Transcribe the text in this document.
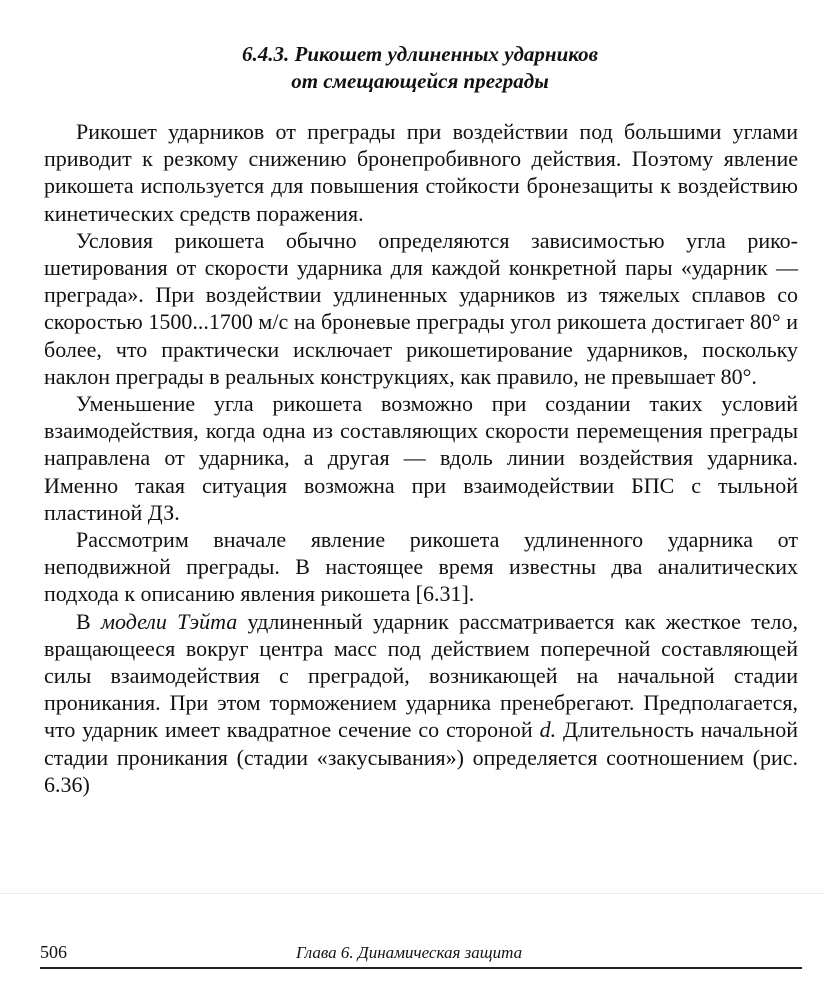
6.4.3. Рикошет удлиненных ударников
от смещающейся преграды

Рикошет ударников от преграды при воздействии под большими углами приводит к резкому снижению бронепробивного действия. Поэтому явление рикошета используется для повышения стойкости бронезащиты к воздействию кинетических средств поражения.

Условия рикошета обычно определяются зависимостью угла рикошетирования от скорости ударника для каждой конкретной пары «ударник — преграда». При воздействии удлиненных ударников из тяжелых сплавов со скоростью 1500...1700 м/с на броневые преграды угол рикошета достигает 80° и более, что практически исключает рикошетирование ударников, поскольку наклон преграды в реальных конструкциях, как правило, не превышает 80°.

Уменьшение угла рикошета возможно при создании таких условий взаимодействия, когда одна из составляющих скорости перемещения преграды направлена от ударника, а другая — вдоль линии воздействия ударника. Именно такая ситуация возможна при взаимодействии БПС с тыльной пластиной ДЗ.

Рассмотрим вначале явление рикошета удлиненного ударника от неподвижной преграды. В настоящее время известны два аналитических подхода к описанию явления рикошета [6.31].

В модели Тэйта удлиненный ударник рассматривается как жесткое тело, вращающееся вокруг центра масс под действием поперечной составляющей силы взаимодействия с преградой, возникающей на начальной стадии проникания. При этом торможением ударника пренебрегают. Предполагается, что ударник имеет квадратное сечение со стороной d. Длительность начальной стадии проникания (стадии «закусывания») определяется соотношением (рис. 6.36)

506	Глава 6. Динамическая защита
